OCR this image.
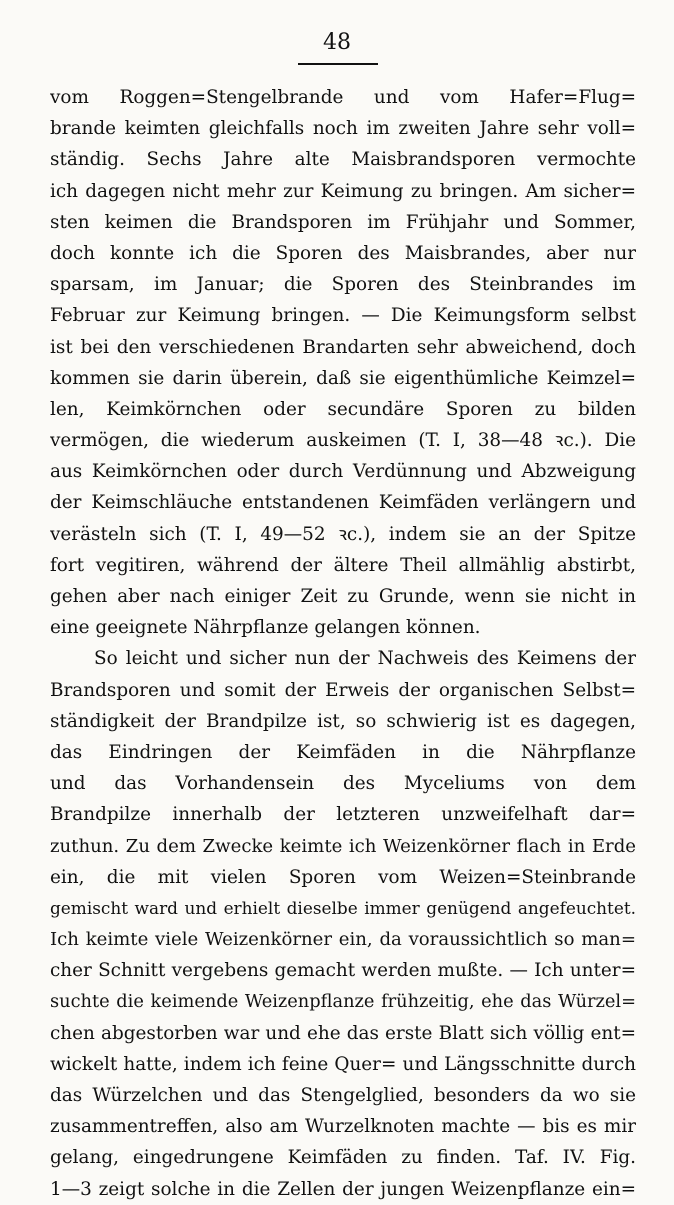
48
vom Roggen=Stengelbrande und vom Hafer=Flug=
brande keimten gleichfalls noch im zweiten Jahre sehr voll=
ständig. Sechs Jahre alte Maisbrandsporen vermochte
ich dagegen nicht mehr zur Keimung zu bringen. Am sicher=
sten keimen die Brandsporen im Frühjahr und Sommer,
doch konnte ich die Sporen des Maisbrandes, aber nur
sparsam, im Januar; die Sporen des Steinbrandes im
Februar zur Keimung bringen. — Die Keimungsform selbst
ist bei den verschiedenen Brandarten sehr abweichend, doch
kommen sie darin überein, daß sie eigenthümliche Keimzel=
len, Keimkörnchen oder secundäre Sporen zu bilden
vermögen, die wiederum auskeimen (T. I, 38—48 ꝛc.). Die
aus Keimkörnchen oder durch Verdünnung und Abzweigung
der Keimschläuche entstandenen Keimfäden verlängern und
verästeln sich (T. I, 49—52 ꝛc.), indem sie an der Spitze
fort vegitiren, während der ältere Theil allmählig abstirbt,
gehen aber nach einiger Zeit zu Grunde, wenn sie nicht in
eine geeignete Nährpflanze gelangen können.
So leicht und sicher nun der Nachweis des Keimens der
Brandsporen und somit der Erweis der organischen Selbst=
ständigkeit der Brandpilze ist, so schwierig ist es dagegen,
das Eindringen der Keimfäden in die Nährpflanze
und das Vorhandensein des Myceliums von dem
Brandpilze innerhalb der letzteren unzweifelhaft dar=
zuthun. Zu dem Zwecke keimte ich Weizenkörner flach in Erde
ein, die mit vielen Sporen vom Weizen=Steinbrande
gemischt ward und erhielt dieselbe immer genügend angefeuchtet.
Ich keimte viele Weizenkörner ein, da voraussichtlich so man=
cher Schnitt vergebens gemacht werden mußte. — Ich unter=
suchte die keimende Weizenpflanze frühzeitig, ehe das Würzel=
chen abgestorben war und ehe das erste Blatt sich völlig ent=
wickelt hatte, indem ich feine Quer= und Längsschnitte durch
das Würzelchen und das Stengelglied, besonders da wo sie
zusammentreffen, also am Wurzelknoten machte — bis es mir
gelang, eingedrungene Keimfäden zu finden. Taf. IV. Fig.
1—3 zeigt solche in die Zellen der jungen Weizenpflanze ein=
